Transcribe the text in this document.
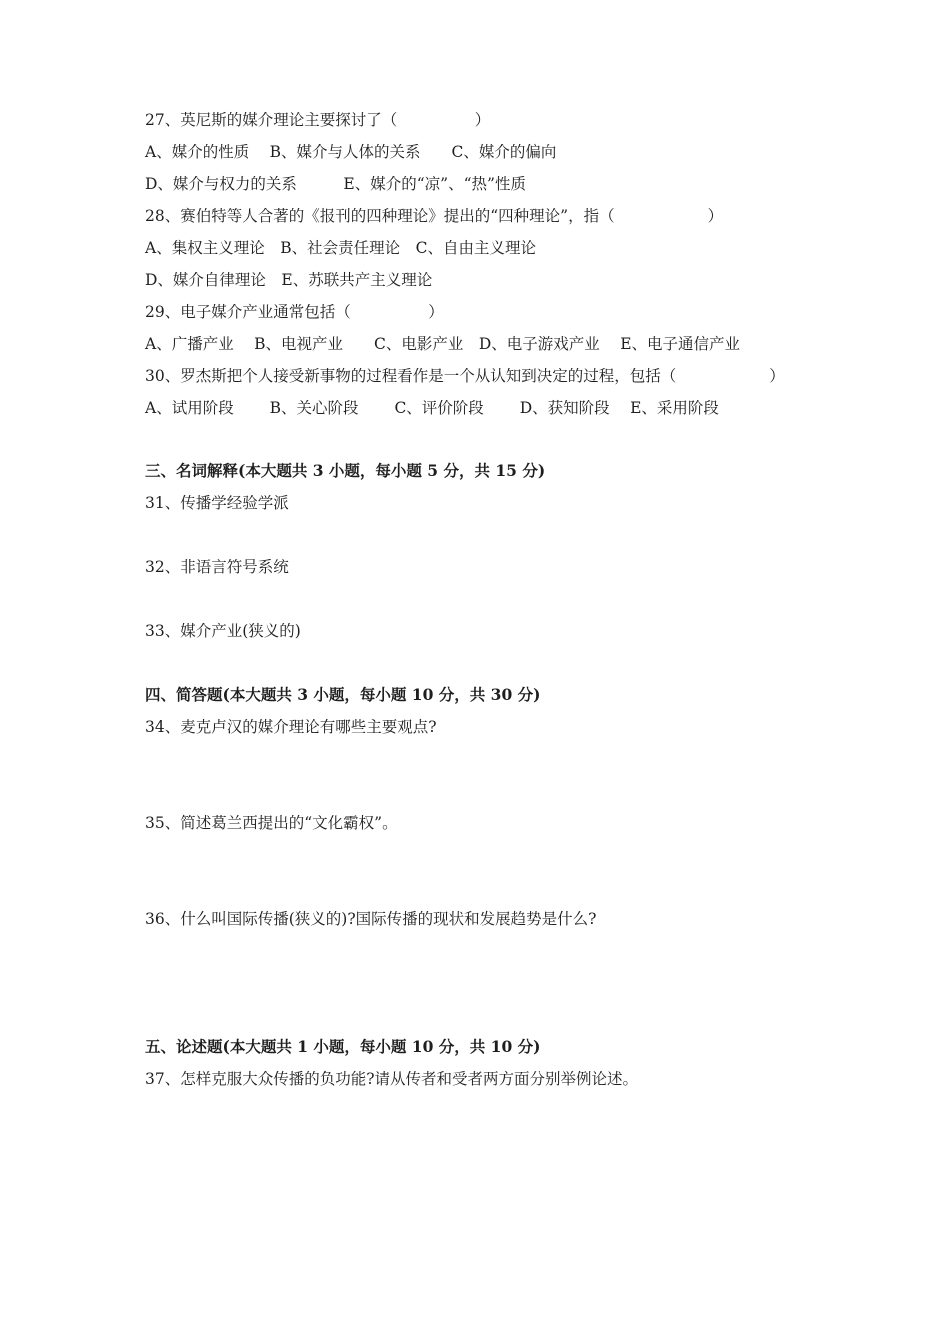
27、英尼斯的媒介理论主要探讨了（　　　　　）
A、媒介的性质　 B、媒介与人体的关系　　C、媒介的偏向
D、媒介与权力的关系　　　E、媒介的“凉”、“热”性质
28、赛伯特等人合著的《报刊的四种理论》提出的“四种理论”，指（　　　　　　）
A、集权主义理论　B、社会责任理论　C、自由主义理论
D、媒介自律理论　E、苏联共产主义理论
29、电子媒介产业通常包括（　　　　　）
A、广播产业　 B、电视产业　　C、电影产业　D、电子游戏产业　 E、电子通信产业
30、罗杰斯把个人接受新事物的过程看作是一个从认知到决定的过程，包括（　　　　　　）
A、试用阶段　　 B、关心阶段　　 C、评价阶段　　 D、获知阶段　 E、采用阶段
三、名词解释(本大题共 3 小题，每小题 5 分，共 15 分)
31、传播学经验学派
32、非语言符号系统
33、媒介产业(狭义的)
四、简答题(本大题共 3 小题，每小题 10 分，共 30 分)
34、麦克卢汉的媒介理论有哪些主要观点?
35、简述葛兰西提出的“文化霸权”。
36、什么叫国际传播(狭义的)?国际传播的现状和发展趋势是什么?
五、论述题(本大题共 1 小题，每小题 10 分，共 10 分)
37、怎样克服大众传播的负功能?请从传者和受者两方面分别举例论述。
